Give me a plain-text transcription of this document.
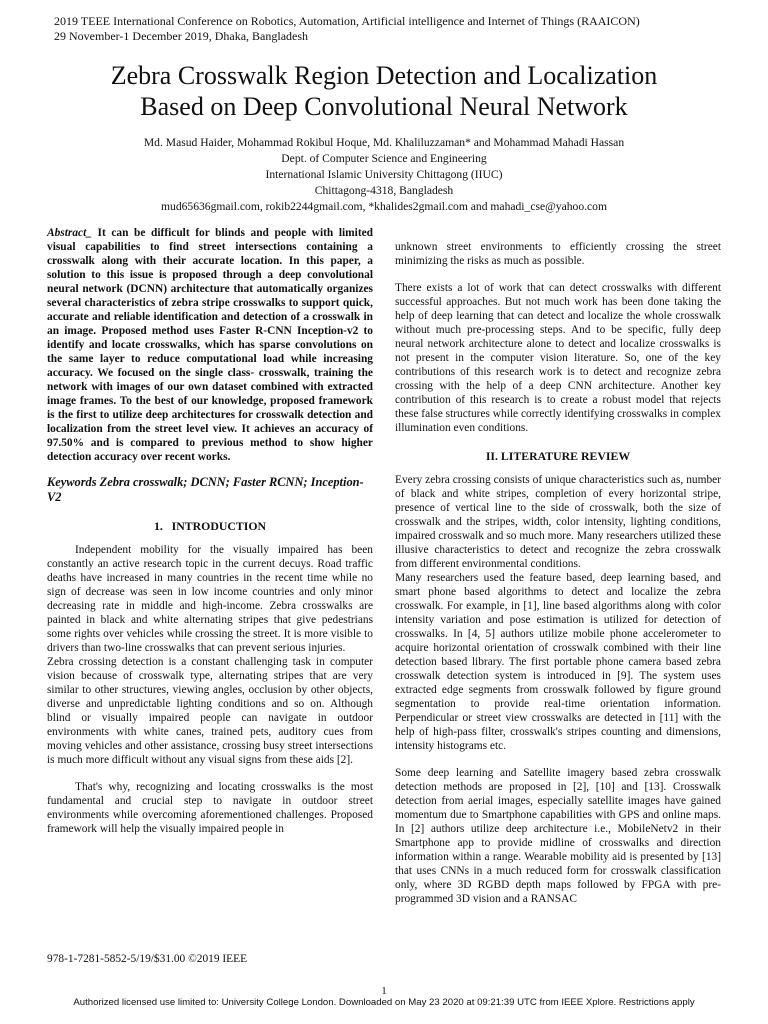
2019 TEEE International Conference on Robotics, Automation, Artificial intelligence and Internet of Things (RAAICON)
29 November-1 December 2019, Dhaka, Bangladesh
Zebra Crosswalk Region Detection and Localization
Based on Deep Convolutional Neural Network
Md. Masud Haider, Mohammad Rokibul Hoque, Md. Khaliluzzaman* and Mohammad Mahadi Hassan
Dept. of Computer Science and Engineering
International Islamic University Chittagong (IIUC)
Chittagong-4318, Bangladesh
mud65636gmail.com, rokib2244gmail.com, *khalides2gmail.com and mahadi_cse@yahoo.com

Abstract_ It can be difficult for blinds and people with limited visual capabilities to find street intersections containing a crosswalk along with their accurate location. In this paper, a solution to this issue is proposed through a deep convolutional neural network (DCNN) architecture that automatically organizes several characteristics of zebra stripe crosswalks to support quick, accurate and reliable identification and detection of a crosswalk in an image. Proposed method uses Faster R-CNN Inception-v2 to identify and locate crosswalks, which has sparse convolutions on the same layer to reduce computational load while increasing accuracy. We focused on the single class- crosswalk, training the network with images of our own dataset combined with extracted image frames. To the best of our knowledge, proposed framework is the first to utilize deep architectures for crosswalk detection and localization from the street level view. It achieves an accuracy of 97.50% and is compared to previous method to show higher detection accuracy over recent works.

Keywords Zebra crosswalk; DCNN; Faster RCNN; Inception-V2

1.   INTRODUCTION

Independent mobility for the visually impaired has been constantly an active research topic in the current decuys. Road traffic deaths have increased in many countries in the recent time while no sign of decrease was seen in low income countries and only minor decreasing rate in middle and high-income. Zebra crosswalks are painted in black and white alternating stripes that give pedestrians some rights over vehicles while crossing the street. It is more visible to drivers than two-line crosswalks that can prevent serious injuries.

Zebra crossing detection is a constant challenging task in computer vision because of crosswalk type, alternating stripes that are very similar to other structures, viewing angles, occlusion by other objects, diverse and unpredictable lighting conditions and so on. Although blind or visually impaired people can navigate in outdoor environments with white canes, trained pets, auditory cues from moving vehicles and other assistance, crossing busy street intersections is much more difficult without any visual signs from these aids [2].

That's why, recognizing and locating crosswalks is the most fundamental and crucial step to navigate in outdoor street environments while overcoming aforementioned challenges. Proposed framework will help the visually impaired people in

unknown street environments to efficiently crossing the street minimizing the risks as much as possible.

There exists a lot of work that can detect crosswalks with different successful approaches. But not much work has been done taking the help of deep learning that can detect and localize the whole crosswalk without much pre-processing steps. And to be specific, fully deep neural network architecture alone to detect and localize crosswalks is not present in the computer vision literature. So, one of the key contributions of this research work is to detect and recognize zebra crossing with the help of a deep CNN architecture. Another key contribution of this research is to create a robust model that rejects these false structures while correctly identifying crosswalks in complex illumination even conditions.

II. LITERATURE REVIEW

Every zebra crossing consists of unique characteristics such as, number of black and white stripes, completion of every horizontal stripe, presence of vertical line to the side of crosswalk, both the size of crosswalk and the stripes, width, color intensity, lighting conditions, impaired crosswalk and so much more. Many researchers utilized these illusive characteristics to detect and recognize the zebra crosswalk from different environmental conditions.

Many researchers used the feature based, deep learning based, and smart phone based algorithms to detect and localize the zebra crosswalk. For example, in [1], line based algorithms along with color intensity variation and pose estimation is utilized for detection of crosswalks. In [4, 5] authors utilize mobile phone accelerometer to acquire horizontal orientation of crosswalk combined with their line detection based library. The first portable phone camera based zebra crosswalk detection system is introduced in [9]. The system uses extracted edge segments from crosswalk followed by figure ground segmentation to provide real-time orientation information. Perpendicular or street view crosswalks are detected in [11] with the help of high-pass filter, crosswalk's stripes counting and dimensions, intensity histograms etc.

Some deep learning and Satellite imagery based zebra crosswalk detection methods are proposed in [2], [10] and [13]. Crosswalk detection from aerial images, especially satellite images have gained momentum due to Smartphone capabilities with GPS and online maps. In [2] authors utilize deep architecture i.e., MobileNetv2 in their Smartphone app to provide midline of crosswalks and direction information within a range. Wearable mobility aid is presented by [13] that uses CNNs in a much reduced form for crosswalk classification only, where 3D RGBD depth maps followed by FPGA with pre-programmed 3D vision and a RANSAC

978-1-7281-5852-5/19/$31.00 ©2019 IEEE
1
Authorized licensed use limited to: University College London. Downloaded on May 23 2020 at 09:21:39 UTC from IEEE Xplore. Restrictions apply
